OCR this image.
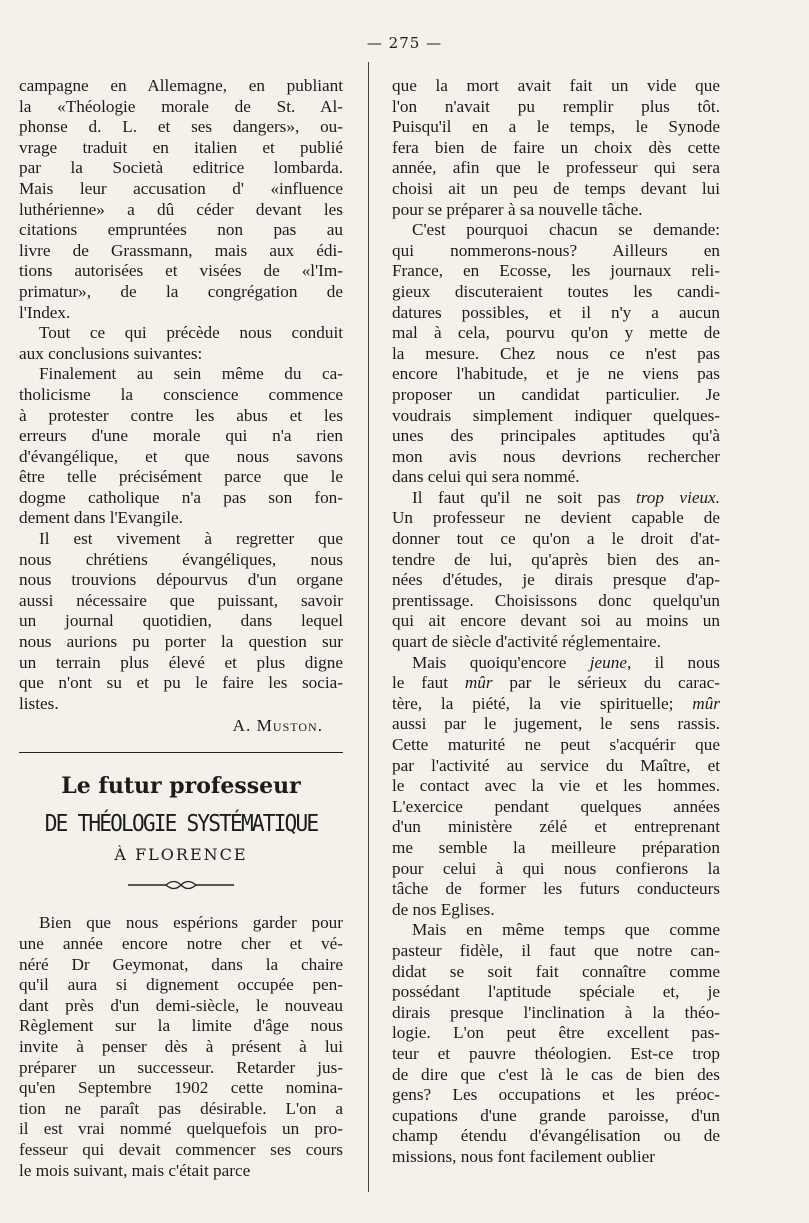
— 275 —
campagne en Allemagne, en publiant
la «Théologie morale de St. Al-
phonse d. L. et ses dangers», ou-
vrage traduit en italien et publié
par la Società editrice lombarda.
Mais leur accusation d' «influence
luthérienne» a dû céder devant les
citations empruntées non pas au
livre de Grassmann, mais aux édi-
tions autorisées et visées de «l'Im-
primatur», de la congrégation de
l'Index.
Tout ce qui précède nous conduit
aux conclusions suivantes:
Finalement au sein même du ca-
tholicisme la conscience commence
à protester contre les abus et les
erreurs d'une morale qui n'a rien
d'évangélique, et que nous savons
être telle précisément parce que le
dogme catholique n'a pas son fon-
dement dans l'Evangile.
Il est vivement à regretter que
nous chrétiens évangéliques, nous
nous trouvions dépourvus d'un organe
aussi nécessaire que puissant, savoir
un journal quotidien, dans lequel
nous aurions pu porter la question sur
un terrain plus élevé et plus digne
que n'ont su et pu le faire les socia-
listes.
A. Muston.
Le futur professeur
DE THÉOLOGIE SYSTÉMATIQUE
À FLORENCE
Bien que nous espérions garder pour
une année encore notre cher et vé-
néré Dr Geymonat, dans la chaire
qu'il aura si dignement occupée pen-
dant près d'un demi-siècle, le nouveau
Règlement sur la limite d'âge nous
invite à penser dès à présent à lui
préparer un successeur. Retarder jus-
qu'en Septembre 1902 cette nomina-
tion ne paraît pas désirable. L'on a
il est vrai nommé quelquefois un pro-
fesseur qui devait commencer ses cours
le mois suivant, mais c'était parce
que la mort avait fait un vide que
l'on n'avait pu remplir plus tôt.
Puisqu'il en a le temps, le Synode
fera bien de faire un choix dès cette
année, afin que le professeur qui sera
choisi ait un peu de temps devant lui
pour se préparer à sa nouvelle tâche.
C'est pourquoi chacun se demande:
qui nommerons-nous? Ailleurs en
France, en Ecosse, les journaux reli-
gieux discuteraient toutes les candi-
datures possibles, et il n'y a aucun
mal à cela, pourvu qu'on y mette de
la mesure. Chez nous ce n'est pas
encore l'habitude, et je ne viens pas
proposer un candidat particulier. Je
voudrais simplement indiquer quelques-
unes des principales aptitudes qu'à
mon avis nous devrions rechercher
dans celui qui sera nommé.
Il faut qu'il ne soit pas trop vieux.
Un professeur ne devient capable de
donner tout ce qu'on a le droit d'at-
tendre de lui, qu'après bien des an-
nées d'études, je dirais presque d'ap-
prentissage. Choisissons donc quelqu'un
qui ait encore devant soi au moins un
quart de siècle d'activité réglementaire.
Mais quoiqu'encore jeune, il nous
le faut mûr par le sérieux du carac-
tère, la piété, la vie spirituelle; mûr
aussi par le jugement, le sens rassis.
Cette maturité ne peut s'acquérir que
par l'activité au service du Maître, et
le contact avec la vie et les hommes.
L'exercice pendant quelques années
d'un ministère zélé et entreprenant
me semble la meilleure préparation
pour celui à qui nous confierons la
tâche de former les futurs conducteurs
de nos Eglises.
Mais en même temps que comme
pasteur fidèle, il faut que notre can-
didat se soit fait connaître comme
possédant l'aptitude spéciale et, je
dirais presque l'inclination à la théo-
logie. L'on peut être excellent pas-
teur et pauvre théologien. Est-ce trop
de dire que c'est là le cas de bien des
gens? Les occupations et les préoc-
cupations d'une grande paroisse, d'un
champ étendu d'évangélisation ou de
missions, nous font facilement oublier
